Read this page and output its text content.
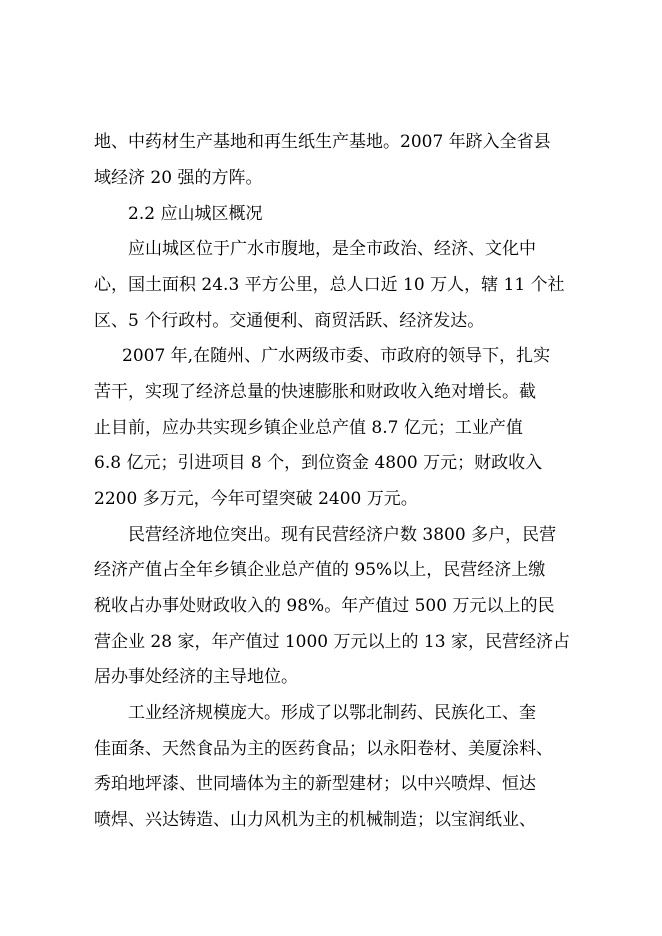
地、中药材生产基地和再生纸生产基地。2007 年跻入全省县
域经济 20 强的方阵。
2.2 应山城区概况
应山城区位于广水市腹地，是全市政治、经济、文化中
心，国土面积 24.3 平方公里，总人口近 10 万人，辖 11 个社
区、5 个行政村。交通便利、商贸活跃、经济发达。
2007 年,在随州、广水两级市委、市政府的领导下，扎实
苦干，实现了经济总量的快速膨胀和财政收入绝对增长。截
止目前，应办共实现乡镇企业总产值 8.7 亿元；工业产值
6.8 亿元；引进项目 8 个，到位资金 4800 万元；财政收入
2200 多万元，今年可望突破 2400 万元。
民营经济地位突出。现有民营经济户数 3800 多户，民营
经济产值占全年乡镇企业总产值的 95%以上，民营经济上缴
税收占办事处财政收入的 98%。年产值过 500 万元以上的民
营企业 28 家，年产值过 1000 万元以上的 13 家，民营经济占
居办事处经济的主导地位。
工业经济规模庞大。形成了以鄂北制药、民族化工、奎
佳面条、天然食品为主的医药食品；以永阳卷材、美厦涂料、
秀珀地坪漆、世同墙体为主的新型建材；以中兴喷焊、恒达
喷焊、兴达铸造、山力风机为主的机械制造；以宝润纸业、
